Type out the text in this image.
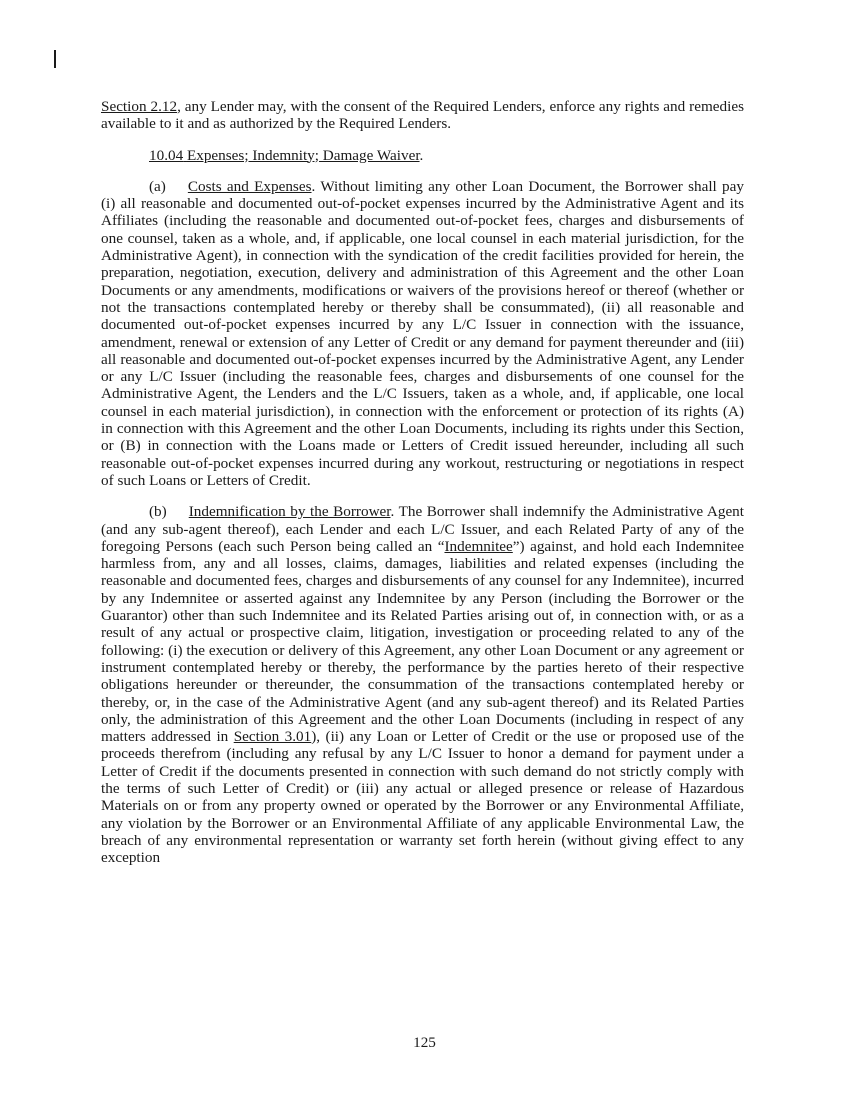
Section 2.12, any Lender may, with the consent of the Required Lenders, enforce any rights and remedies available to it and as authorized by the Required Lenders.

10.04 Expenses; Indemnity; Damage Waiver.

(a) Costs and Expenses. Without limiting any other Loan Document, the Borrower shall pay (i) all reasonable and documented out-of-pocket expenses incurred by the Administrative Agent and its Affiliates (including the reasonable and documented out-of-pocket fees, charges and disbursements of one counsel, taken as a whole, and, if applicable, one local counsel in each material jurisdiction, for the Administrative Agent), in connection with the syndication of the credit facilities provided for herein, the preparation, negotiation, execution, delivery and administration of this Agreement and the other Loan Documents or any amendments, modifications or waivers of the provisions hereof or thereof (whether or not the transactions contemplated hereby or thereby shall be consummated), (ii) all reasonable and documented out-of-pocket expenses incurred by any L/C Issuer in connection with the issuance, amendment, renewal or extension of any Letter of Credit or any demand for payment thereunder and (iii) all reasonable and documented out-of-pocket expenses incurred by the Administrative Agent, any Lender or any L/C Issuer (including the reasonable fees, charges and disbursements of one counsel for the Administrative Agent, the Lenders and the L/C Issuers, taken as a whole, and, if applicable, one local counsel in each material jurisdiction), in connection with the enforcement or protection of its rights (A) in connection with this Agreement and the other Loan Documents, including its rights under this Section, or (B) in connection with the Loans made or Letters of Credit issued hereunder, including all such reasonable out-of-pocket expenses incurred during any workout, restructuring or negotiations in respect of such Loans or Letters of Credit.

(b) Indemnification by the Borrower. The Borrower shall indemnify the Administrative Agent (and any sub-agent thereof), each Lender and each L/C Issuer, and each Related Party of any of the foregoing Persons (each such Person being called an “Indemnitee”) against, and hold each Indemnitee harmless from, any and all losses, claims, damages, liabilities and related expenses (including the reasonable and documented fees, charges and disbursements of any counsel for any Indemnitee), incurred by any Indemnitee or asserted against any Indemnitee by any Person (including the Borrower or the Guarantor) other than such Indemnitee and its Related Parties arising out of, in connection with, or as a result of any actual or prospective claim, litigation, investigation or proceeding related to any of the following: (i) the execution or delivery of this Agreement, any other Loan Document or any agreement or instrument contemplated hereby or thereby, the performance by the parties hereto of their respective obligations hereunder or thereunder, the consummation of the transactions contemplated hereby or thereby, or, in the case of the Administrative Agent (and any sub-agent thereof) and its Related Parties only, the administration of this Agreement and the other Loan Documents (including in respect of any matters addressed in Section 3.01), (ii) any Loan or Letter of Credit or the use or proposed use of the proceeds therefrom (including any refusal by any L/C Issuer to honor a demand for payment under a Letter of Credit if the documents presented in connection with such demand do not strictly comply with the terms of such Letter of Credit) or (iii) any actual or alleged presence or release of Hazardous Materials on or from any property owned or operated by the Borrower or any Environmental Affiliate, any violation by the Borrower or an Environmental Affiliate of any applicable Environmental Law, the breach of any environmental representation or warranty set forth herein (without giving effect to any exception

125
